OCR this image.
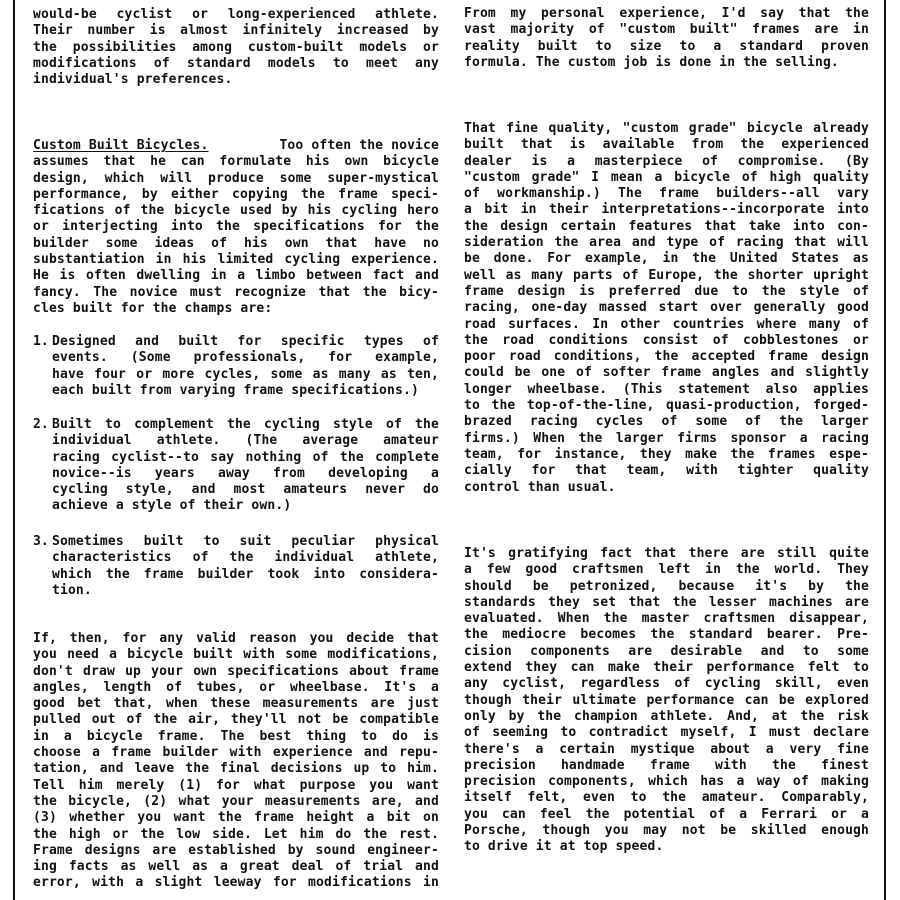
would-be cyclist or long-experienced athlete.
Their number is almost infinitely increased by
the possibilities among custom-built models or
modifications of standard models to meet any
individual's preferences.
Custom Built Bicycles.	Too often the novice
assumes that he can formulate his own bicycle
design, which will produce some super-mystical
performance, by either copying the frame speci-
fications of the bicycle used by his cycling hero
or interjecting into the specifications for the
builder some ideas of his own that have no
substantiation in his limited cycling experience.
He is often dwelling in a limbo between fact and
fancy. The novice must recognize that the bicy-
cles built for the champs are:
1. Designed and built for specific types of
events. (Some professionals, for example,
have four or more cycles, some as many as ten,
each built from varying frame specifications.)
2. Built to complement the cycling style of the
individual athlete. (The average amateur
racing cyclist--to say nothing of the complete
novice--is years away from developing a
cycling style, and most amateurs never do
achieve a style of their own.)
3. Sometimes built to suit peculiar physical
characteristics of the individual athlete,
which the frame builder took into considera-
tion.
If, then, for any valid reason you decide that
you need a bicycle built with some modifications,
don't draw up your own specifications about frame
angles, length of tubes, or wheelbase. It's a
good bet that, when these measurements are just
pulled out of the air, they'll not be compatible
in a bicycle frame. The best thing to do is
choose a frame builder with experience and repu-
tation, and leave the final decisions up to him.
Tell him merely (1) for what purpose you want
the bicycle, (2) what your measurements are, and
(3) whether you want the frame height a bit on
the high or the low side. Let him do the rest.
Frame designs are established by sound engineer-
ing facts as well as a great deal of trial and
error, with a slight leeway for modifications in
From my personal experience, I'd say that the
vast majority of "custom built" frames are in
reality built to size to a standard proven
formula. The custom job is done in the selling.
That fine quality, "custom grade" bicycle already
built that is available from the experienced
dealer is a masterpiece of compromise. (By
"custom grade" I mean a bicycle of high quality
of workmanship.) The frame builders--all vary
a bit in their interpretations--incorporate into
the design certain features that take into con-
sideration the area and type of racing that will
be done. For example, in the United States as
well as many parts of Europe, the shorter upright
frame design is preferred due to the style of
racing, one-day massed start over generally good
road surfaces. In other countries where many of
the road conditions consist of cobblestones or
poor road conditions, the accepted frame design
could be one of softer frame angles and slightly
longer wheelbase. (This statement also applies
to the top-of-the-line, quasi-production, forged-
brazed racing cycles of some of the larger
firms.) When the larger firms sponsor a racing
team, for instance, they make the frames espe-
cially for that team, with tighter quality
control than usual.
It's gratifying fact that there are still quite
a few good craftsmen left in the world. They
should be petronized, because it's by the
standards they set that the lesser machines are
evaluated. When the master craftsmen disappear,
the mediocre becomes the standard bearer. Pre-
cision components are desirable and to some
extend they can make their performance felt to
any cyclist, regardless of cycling skill, even
though their ultimate performance can be explored
only by the champion athlete. And, at the risk
of seeming to contradict myself, I must declare
there's a certain mystique about a very fine
precision handmade frame with the finest
precision components, which has a way of making
itself felt, even to the amateur. Comparably,
you can feel the potential of a Ferrari or a
Porsche, though you may not be skilled enough
to drive it at top speed.
